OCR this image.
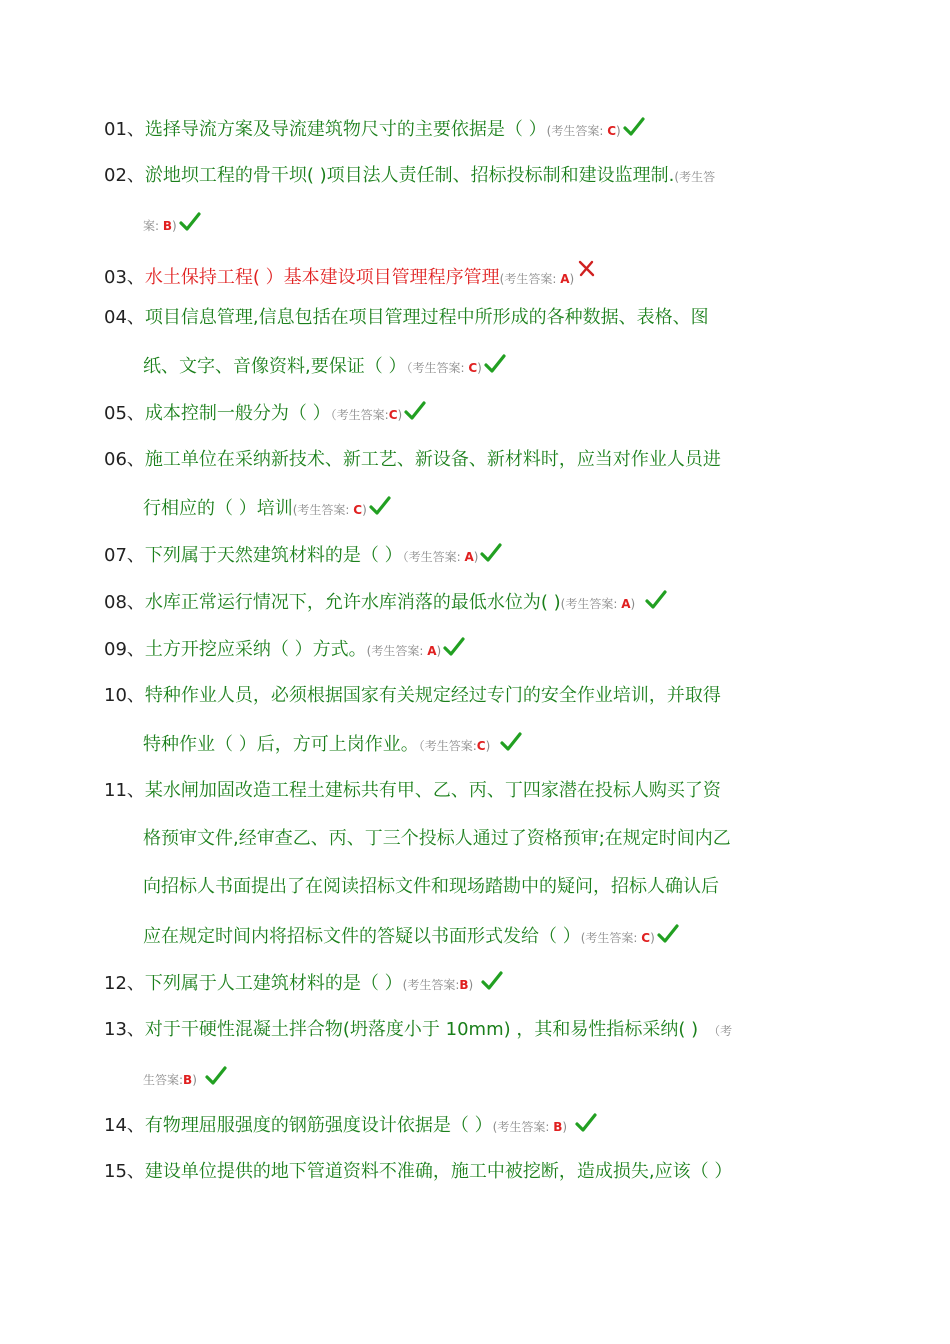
01、选择导流方案及导流建筑物尺寸的主要依据是（ ）(考生答案: C)
02、淤地坝工程的骨干坝( )项目法人责任制、招标投标制和建设监理制.(考生答
案: B)
03、水土保持工程( ）基本建设项目管理程序管理(考生答案: A)
04、项目信息管理,信息包括在项目管理过程中所形成的各种数据、表格、图
纸、文字、音像资料,要保证（ ）（考生答案: C)
05、成本控制一般分为（ ）（考生答案:C)
06、施工单位在采纳新技术、新工艺、新设备、新材料时，应当对作业人员进
行相应的（ ）培训(考生答案: C)
07、下列属于天然建筑材料的是（ ）（考生答案: A)
08、水库正常运行情况下，允许水库消落的最低水位为( )(考生答案: A)
09、土方开挖应采纳（ ）方式。(考生答案: A)
10、特种作业人员，必须根据国家有关规定经过专门的安全作业培训，并取得
特种作业（ ）后，方可上岗作业。（考生答案:C)
11、某水闸加固改造工程土建标共有甲、乙、丙、丁四家潜在投标人购买了资
格预审文件,经审查乙、丙、丁三个投标人通过了资格预审;在规定时间内乙
向招标人书面提出了在阅读招标文件和现场踏勘中的疑问，招标人确认后
应在规定时间内将招标文件的答疑以书面形式发给（ ）(考生答案: C)
12、下列属于人工建筑材料的是（ ）(考生答案:B)
13、对于干硬性混凝土拌合物(坍落度小于 10mm) ，其和易性指标采纳( ) （考
生答案:B)
14、有物理屈服强度的钢筋强度设计依据是（ ）(考生答案: B)
15、建设单位提供的地下管道资料不准确，施工中被挖断，造成损失,应该（ ）
